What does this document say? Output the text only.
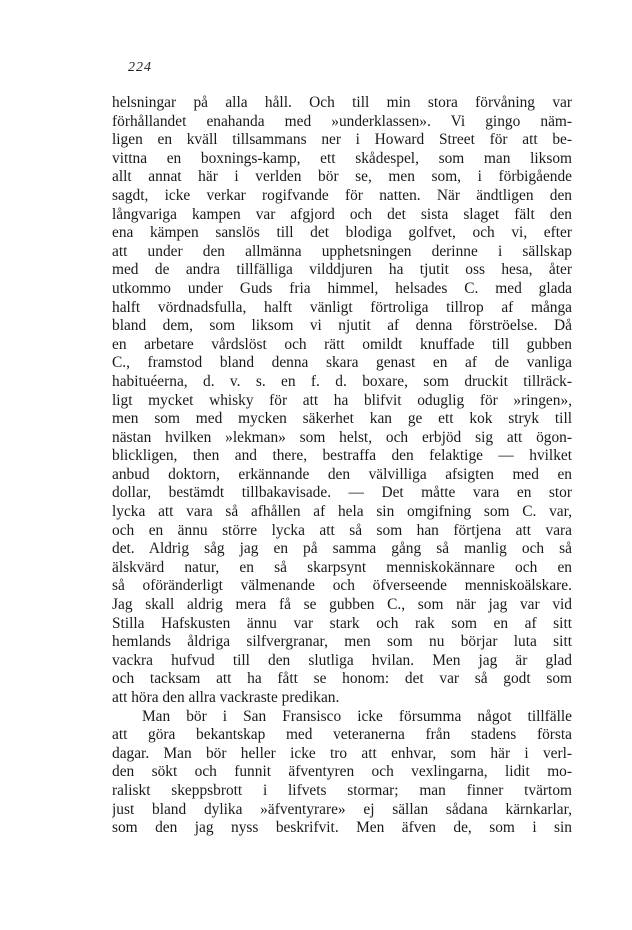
224
helsningar på alla håll. Och till min stora förvåning var
förhållandet enahanda med »underklassen». Vi gingo näm-
ligen en kväll tillsammans ner i Howard Street för att be-
vittna en boxnings-kamp, ett skådespel, som man liksom
allt annat här i verlden bör se, men som, i förbigående
sagdt, icke verkar rogifvande för natten. När ändtligen den
långvariga kampen var afgjord och det sista slaget fält den
ena kämpen sanslös till det blodiga golfvet, och vi, efter
att under den allmänna upphetsningen derinne i sällskap
med de andra tillfälliga vilddjuren ha tjutit oss hesa, åter
utkommo under Guds fria himmel, helsades C. med glada
halft vördnadsfulla, halft vänligt förtroliga tillrop af många
bland dem, som liksom vi njutit af denna förströelse. Då
en arbetare vårdslöst och rätt omildt knuffade till gubben
C., framstod bland denna skara genast en af de vanliga
habituéerna, d. v. s. en f. d. boxare, som druckit tillräck-
ligt mycket whisky för att ha blifvit oduglig för »ringen»,
men som med mycken säkerhet kan ge ett kok stryk till
nästan hvilken »lekman» som helst, och erbjöd sig att ögon-
blickligen, then and there, bestraffa den felaktige — hvilket
anbud doktorn, erkännande den välvilliga afsigten med en
dollar, bestämdt tillbakavisade. — Det måtte vara en stor
lycka att vara så afhållen af hela sin omgifning som C. var,
och en ännu större lycka att så som han förtjena att vara
det. Aldrig såg jag en på samma gång så manlig och så
älskvärd natur, en så skarpsynt menniskokännare och en
så oföränderligt välmenande och öfverseende menniskoälskare.
Jag skall aldrig mera få se gubben C., som när jag var vid
Stilla Hafskusten ännu var stark och rak som en af sitt
hemlands åldriga silfvergranar, men som nu börjar luta sitt
vackra hufvud till den slutliga hvilan. Men jag är glad
och tacksam att ha fått se honom: det var så godt som
att höra den allra vackraste predikan.
Man bör i San Fransisco icke försumma något tillfälle
att göra bekantskap med veteranerna från stadens första
dagar. Man bör heller icke tro att enhvar, som här i verl-
den sökt och funnit äfventyren och vexlingarna, lidit mo-
raliskt skeppsbrott i lifvets stormar; man finner tvärtom
just bland dylika »äfventyrare» ej sällan sådana kärnkarlar,
som den jag nyss beskrifvit. Men äfven de, som i sin
